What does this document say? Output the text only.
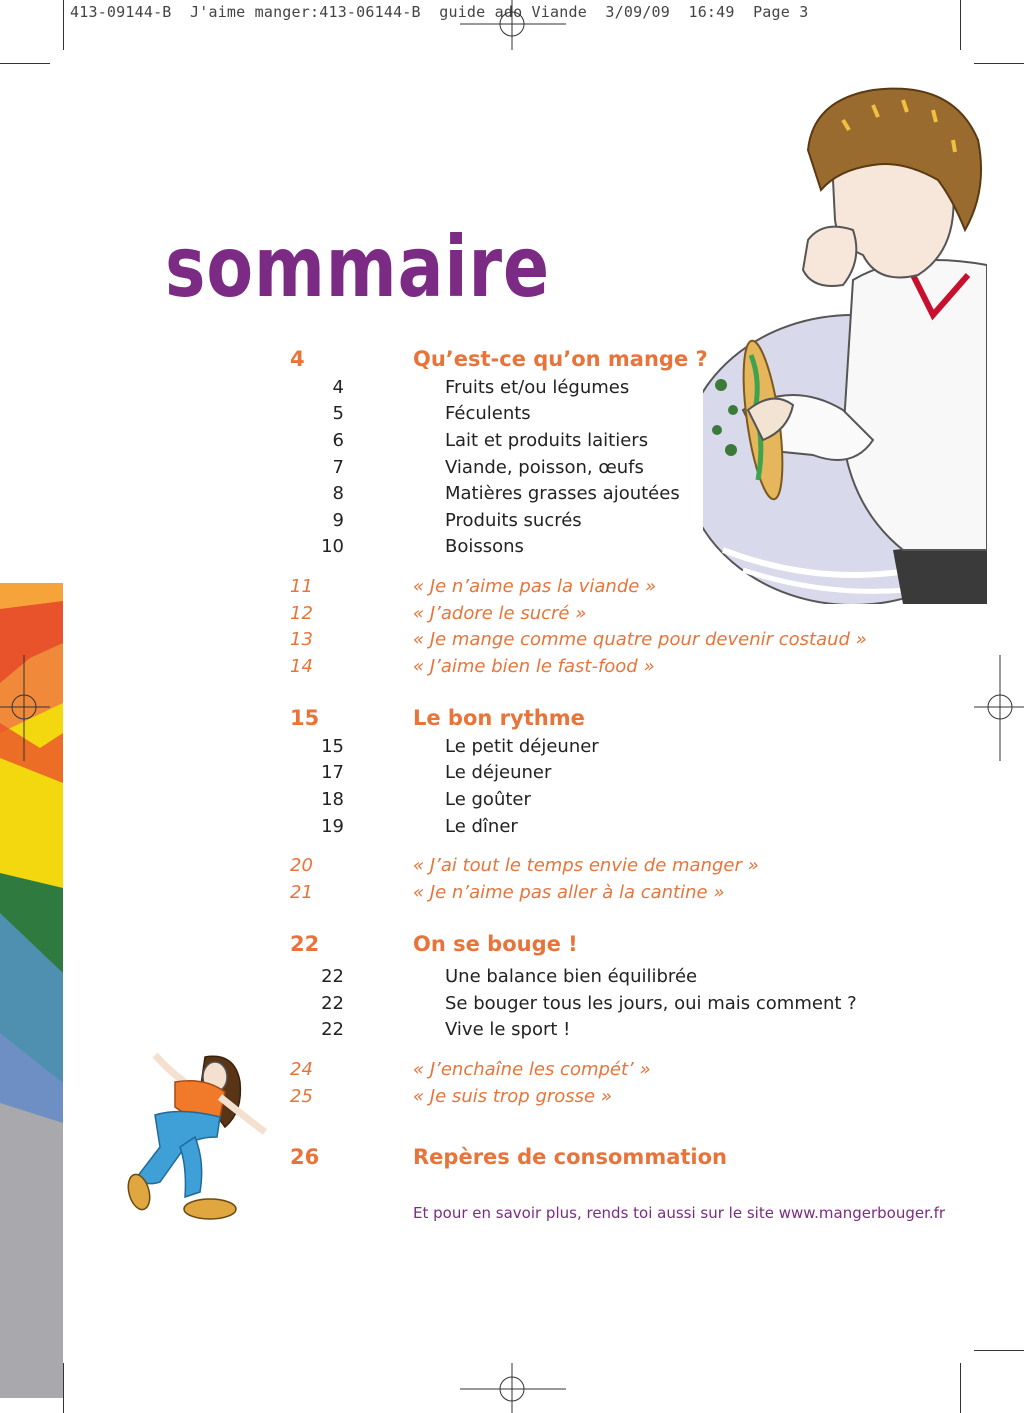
413-09144-B  J'aime manger:413-06144-B  guide ado Viande  3/09/09  16:49  Page 3

sommaire
4	Qu’est-ce qu’on mange ?
4	Fruits et/ou légumes
5	Féculents
6	Lait et produits laitiers
7	Viande, poisson, œufs
8	Matières grasses ajoutées
9	Produits sucrés
10	Boissons
11	« Je n’aime pas la viande »
12	« J’adore le sucré »
13	« Je mange comme quatre pour devenir costaud »
14	« J’aime bien le fast-food »
15	Le bon rythme
15	Le petit déjeuner
17	Le déjeuner
18	Le goûter
19	Le dîner
20	« J’ai tout le temps envie de manger »
21	« Je n’aime pas aller à la cantine »
22	On se bouge !
22	Une balance bien équilibrée
22	Se bouger tous les jours, oui mais comment ?
22	Vive le sport !
24	« J’enchaîne les compét’ »
25	« Je suis trop grosse »
26	Repères de consommation

Et pour en savoir plus, rends toi aussi sur le site www.mangerbouger.fr
